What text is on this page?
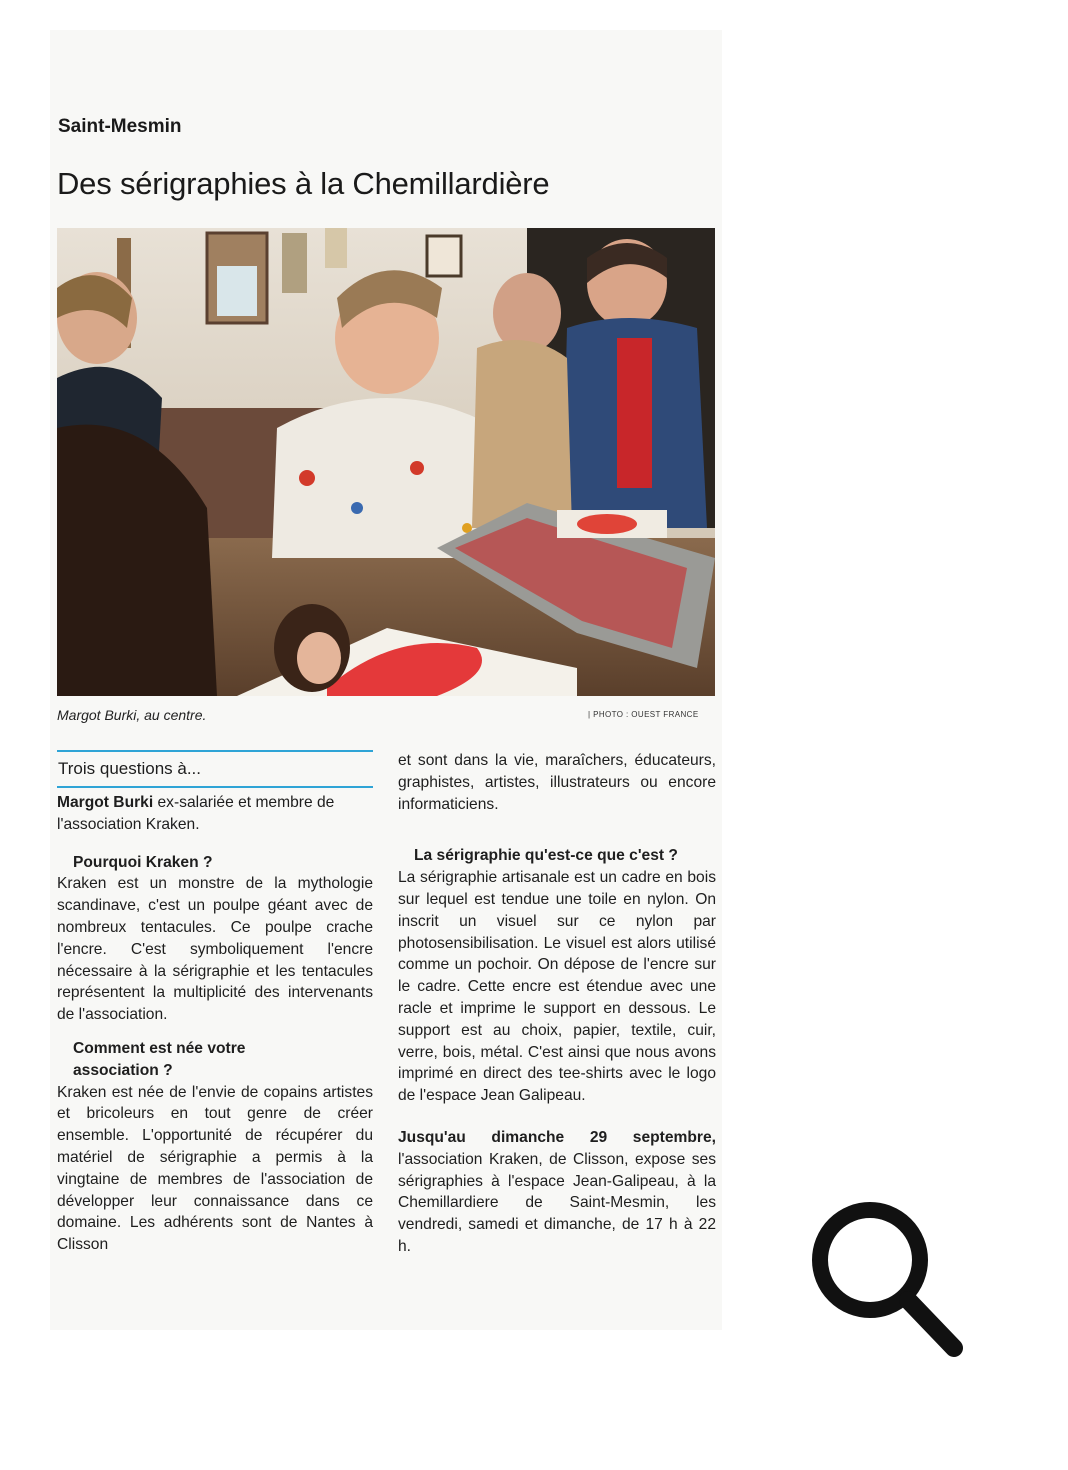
Saint-Mesmin
Des sérigraphies à la Chemillardière
Margot Burki, au centre.	| PHOTO : OUEST FRANCE
Trois questions à...

Margot Burki ex-salariée et membre de l'association Kraken.

Pourquoi Kraken ?

Kraken est un monstre de la mythologie scandinave, c'est un poulpe géant avec de nombreux tentacules. Ce poulpe crache l'encre. C'est symboliquement l'encre nécessaire à la sérigraphie et les tentacules représentent la multiplicité des intervenants de l'association.

Comment est née votre association ?

Kraken est née de l'envie de copains artistes et bricoleurs en tout genre de créer ensemble. L'opportunité de récupérer du matériel de sérigraphie a permis à la vingtaine de membres de l'association de développer leur connaissance dans ce domaine. Les adhérents sont de Nantes à Clisson

et sont dans la vie, maraîchers, éducateurs, graphistes, artistes, illustrateurs ou encore informaticiens.

La sérigraphie qu'est-ce que c'est ?

La sérigraphie artisanale est un cadre en bois sur lequel est tendue une toile en nylon. On inscrit un visuel sur ce nylon par photosensibilisation. Le visuel est alors utilisé comme un pochoir. On dépose de l'encre sur le cadre. Cette encre est étendue avec une racle et imprime le support en dessous. Le support est au choix, papier, textile, cuir, verre, bois, métal. C'est ainsi que nous avons imprimé en direct des tee-shirts avec le logo de l'espace Jean Galipeau.

Jusqu'au dimanche 29 septembre, l'association Kraken, de Clisson, expose ses sérigraphies à l'espace Jean-Galipeau, à la Chemillardiere de Saint-Mesmin, les vendredi, samedi et dimanche, de 17 h à 22 h.
